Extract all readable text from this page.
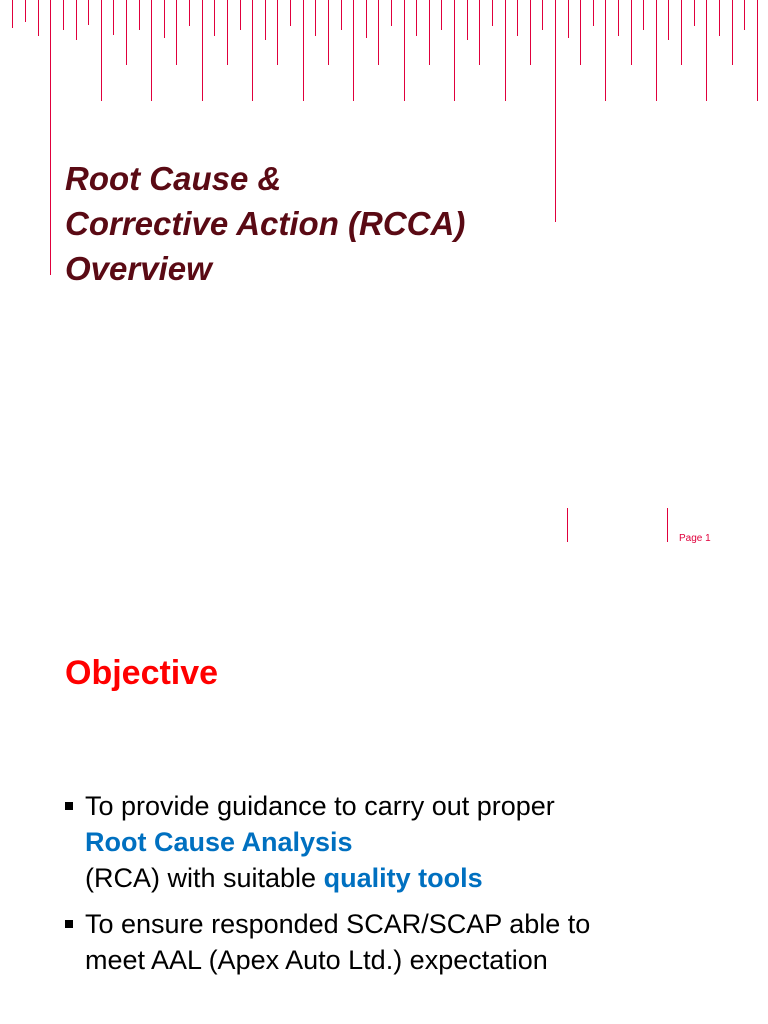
Root Cause &
Corrective Action (RCCA)
Overview
Page 1
Objective
To provide guidance to carry out proper
Root Cause Analysis
(RCA) with suitable quality tools
To ensure responded SCAR/SCAP able to
meet AAL (Apex Auto Ltd.) expectation
